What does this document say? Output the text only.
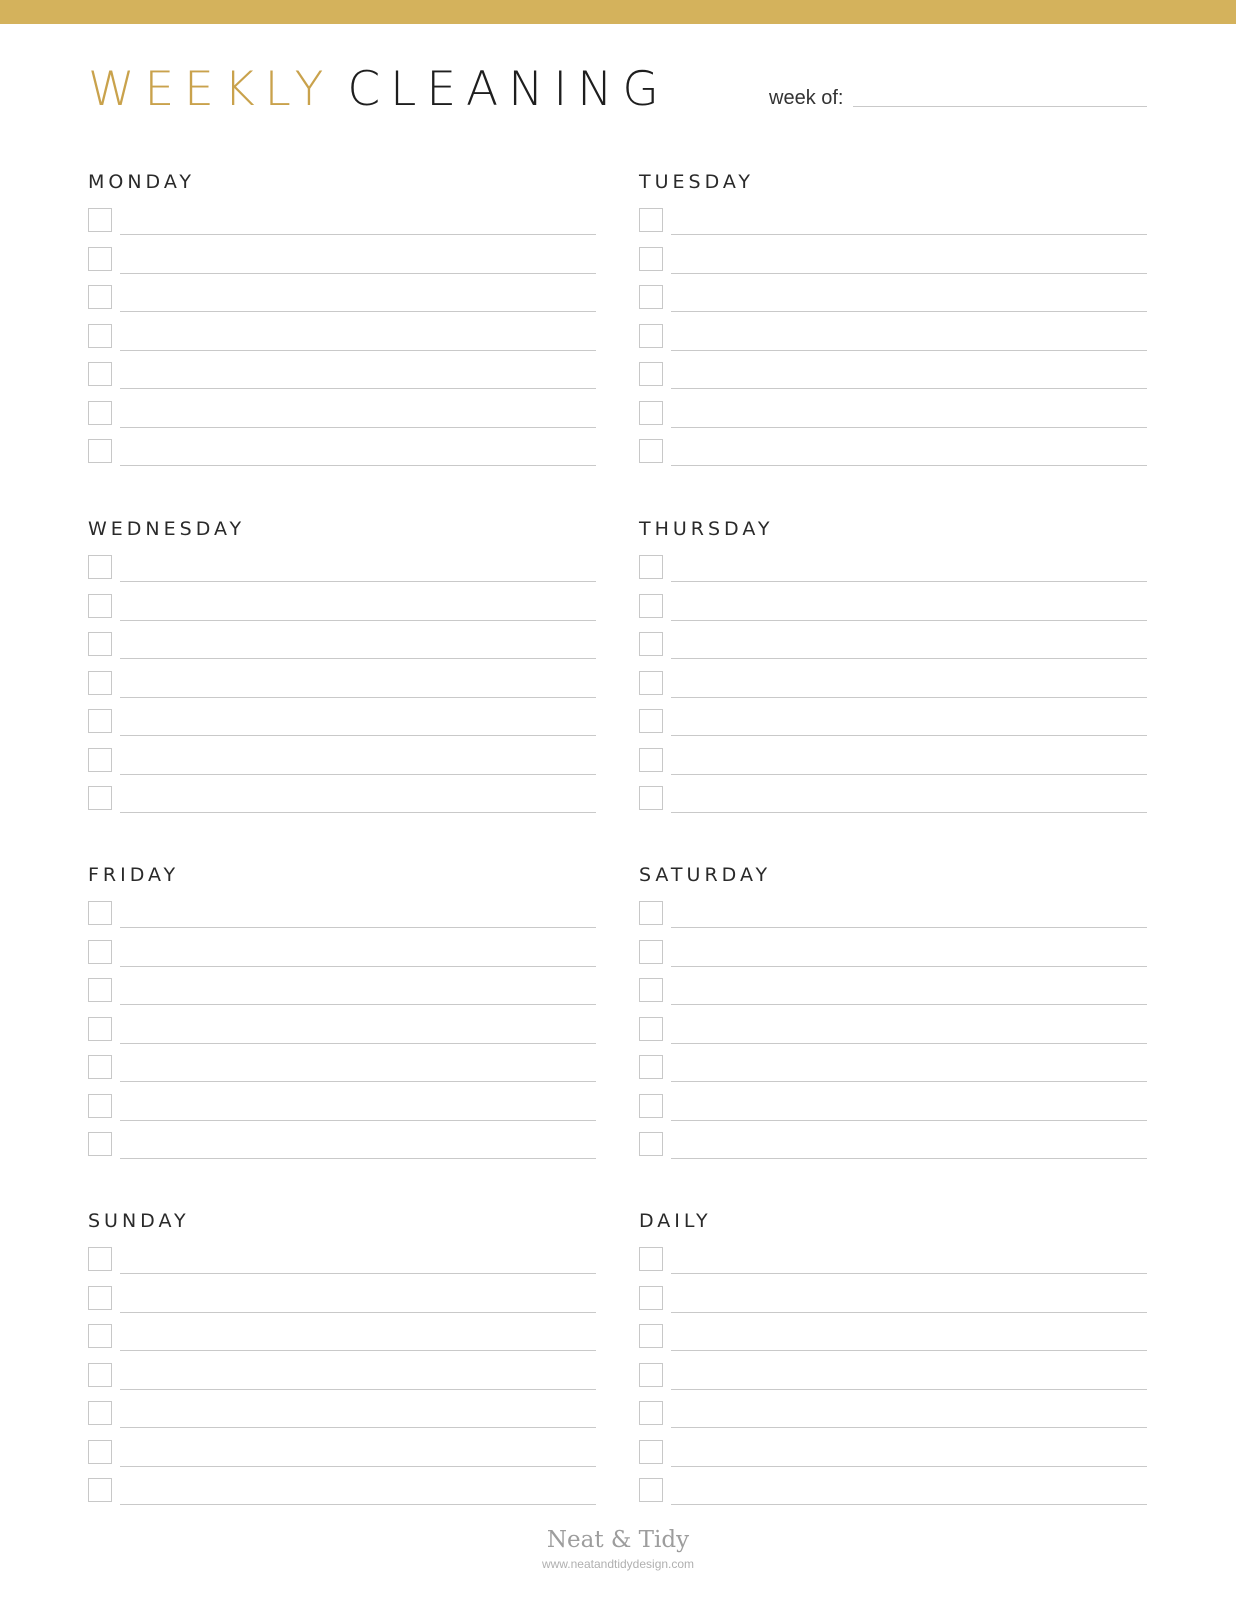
WEEKLY CLEANING	week of:
MONDAY	TUESDAY
WEDNESDAY	THURSDAY
FRIDAY	SATURDAY
SUNDAY	DAILY
Neat & Tidy
www.neatandtidydesign.com
